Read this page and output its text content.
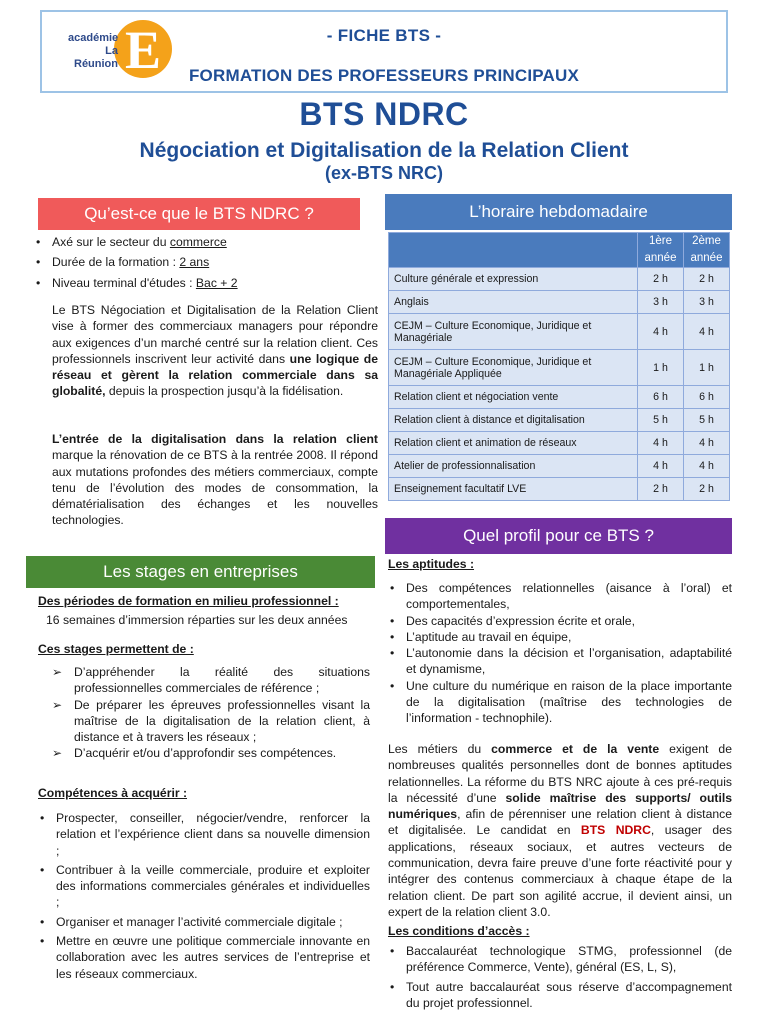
E
académie
La Réunion
- FICHE BTS -
FORMATION DES PROFESSEURS PRINCIPAUX
BTS NDRC
Négociation et Digitalisation de la Relation Client
(ex-BTS NRC)
Qu’est-ce que le BTS NDRC ?
• Axé sur le secteur du commerce
• Durée de la formation : 2 ans
• Niveau terminal d'études : Bac + 2
Le BTS Négociation et Digitalisation de la Relation Client vise à former des commerciaux managers pour répondre aux exigences d’un marché centré sur la relation client. Ces professionnels inscrivent leur activité dans une logique de réseau et gèrent la relation commerciale dans sa globalité, depuis la prospection jusqu’à la fidélisation.
L’entrée de la digitalisation dans la relation client marque la rénovation de ce BTS à la rentrée 2008. Il répond aux mutations profondes des métiers commerciaux, compte tenu de l’évolution des modes de consommation, la dématérialisation des échanges et les nouvelles technologies.
L’horaire hebdomadaire
	1ère année	2ème année
Culture générale et expression	2 h	2 h
Anglais	3 h	3 h
CEJM – Culture Economique, Juridique et Managériale	4 h	4 h
CEJM – Culture Economique, Juridique et Managériale Appliquée	1 h	1 h
Relation client et négociation vente	6 h	6 h
Relation client à distance et digitalisation	5 h	5 h
Relation client et animation de réseaux	4 h	4 h
Atelier de professionnalisation	4 h	4 h
Enseignement facultatif LVE	2 h	2 h
Les stages en entreprises
Des périodes de formation en milieu professionnel :
16 semaines d’immersion réparties sur les deux années
Ces stages permettent de :
➢ D’appréhender la réalité des situations professionnelles commerciales de référence ;
➢ De préparer les épreuves professionnelles visant la maîtrise de la digitalisation de la relation client, à distance et à travers les réseaux ;
➢ D’acquérir et/ou d’approfondir ses compétences.
Compétences à acquérir :
• Prospecter, conseiller, négocier/vendre, renforcer la relation et l’expérience client dans sa nouvelle dimension ;
• Contribuer à la veille commerciale, produire et exploiter des informations commerciales générales et individuelles ;
• Organiser et manager l’activité commerciale digitale ;
• Mettre en œuvre une politique commerciale innovante en collaboration avec les autres services de l’entreprise et les réseaux commerciaux.
Quel profil pour ce BTS ?
Les aptitudes :
• Des compétences relationnelles (aisance à l’oral) et comportementales,
• Des capacités d’expression écrite et orale,
• L’aptitude au travail en équipe,
• L’autonomie dans la décision et l’organisation, adaptabilité et dynamisme,
• Une culture du numérique en raison de la place importante de la digitalisation (maîtrise des technologies de l’information - technophile).
Les métiers du commerce et de la vente exigent de nombreuses qualités personnelles dont de bonnes aptitudes relationnelles. La réforme du BTS NRC ajoute à ces pré-requis la nécessité d’une solide maîtrise des supports/ outils numériques, afin de pérenniser une relation client à distance et digitalisée. Le candidat en BTS NDRC, usager des applications, réseaux sociaux, et autres vecteurs de communication, devra faire preuve d’une forte réactivité pour y intégrer des contenus commerciaux à chaque étape de la relation client. De part son agilité accrue, il devient ainsi, un expert de la relation client 3.0.
Les conditions d’accès :
• Baccalauréat technologique STMG, professionnel (de préférence Commerce, Vente), général (ES, L, S),
• Tout autre baccalauréat sous réserve d’accompagnement du projet professionnel.
